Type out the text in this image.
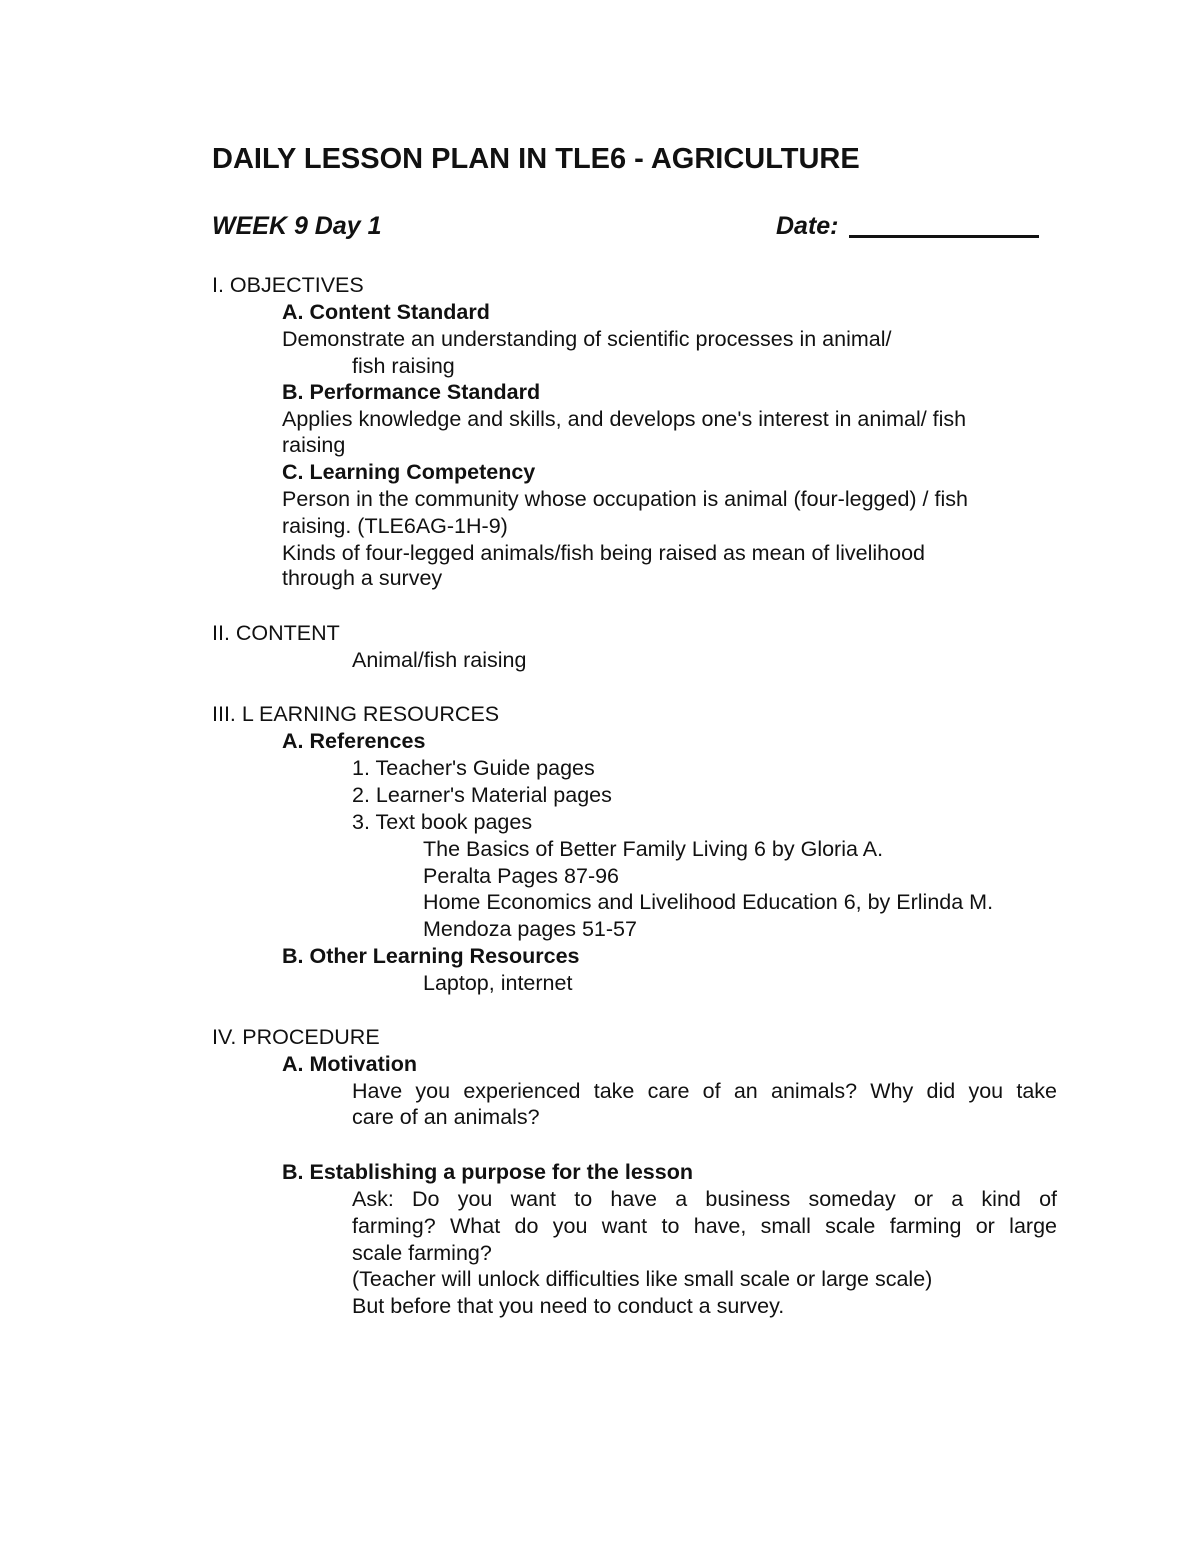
DAILY LESSON PLAN IN TLE6 - AGRICULTURE
WEEK 9 Day 1	Date:
I. OBJECTIVES
A. Content Standard
Demonstrate an understanding of scientific processes in animal/
fish raising
B. Performance Standard
Applies knowledge and skills, and develops one's interest in animal/ fish
raising
C. Learning Competency
Person in the community whose occupation is animal (four-legged) / fish
raising. (TLE6AG-1H-9)
Kinds of four-legged animals/fish being raised as mean of livelihood
through a survey
II. CONTENT
Animal/fish raising
III. L EARNING RESOURCES
A. References
1. Teacher's Guide pages
2. Learner's Material pages
3. Text book pages
The Basics of Better Family Living 6 by Gloria A.
Peralta Pages 87-96
Home Economics and Livelihood Education 6, by Erlinda M.
Mendoza pages 51-57
B. Other Learning Resources
Laptop, internet
IV. PROCEDURE
A. Motivation
Have you experienced take care of an animals? Why did you take
care of an animals?
B. Establishing a purpose for the lesson
Ask: Do you want to have a business someday or a kind of
farming? What do you want to have, small scale farming or large
scale farming?
(Teacher will unlock difficulties like small scale or large scale)
But before that you need to conduct a survey.
